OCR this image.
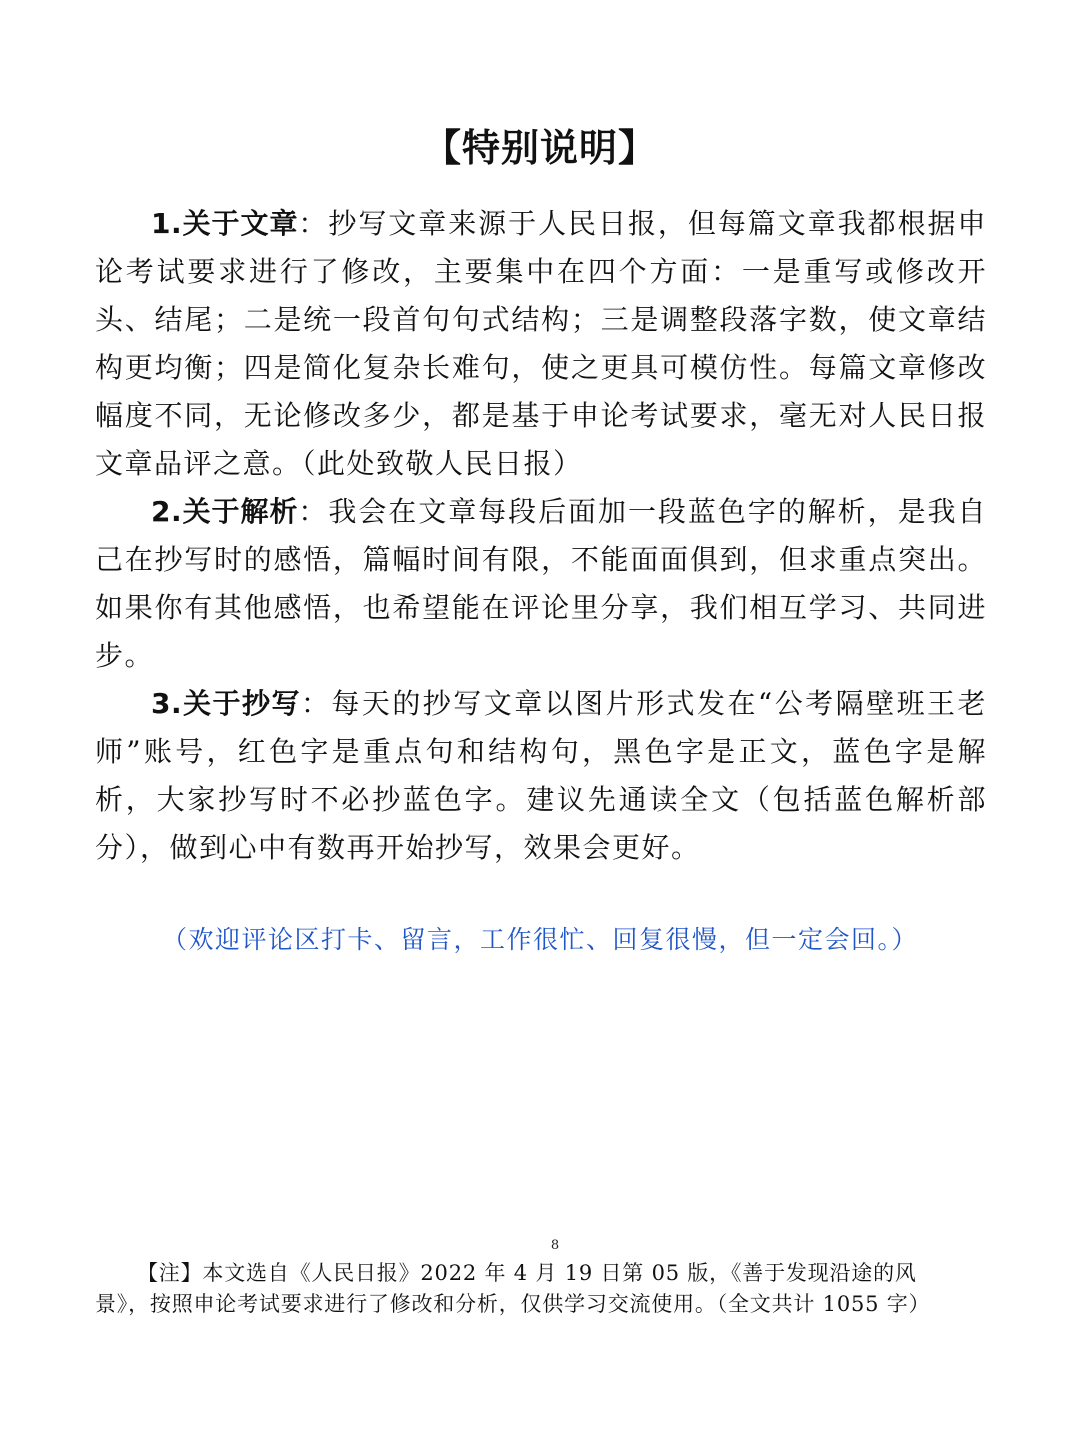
【特别说明】

1.关于文章：抄写文章来源于人民日报，但每篇文章我都根据申论考试要求进行了修改，主要集中在四个方面：一是重写或修改开头、结尾；二是统一段首句句式结构；三是调整段落字数，使文章结构更均衡；四是简化复杂长难句，使之更具可模仿性。每篇文章修改幅度不同，无论修改多少，都是基于申论考试要求，毫无对人民日报文章品评之意。（此处致敬人民日报）

2.关于解析：我会在文章每段后面加一段蓝色字的解析，是我自己在抄写时的感悟，篇幅时间有限，不能面面俱到，但求重点突出。如果你有其他感悟，也希望能在评论里分享，我们相互学习、共同进步。

3.关于抄写：每天的抄写文章以图片形式发在“公考隔壁班王老师”账号，红色字是重点句和结构句，黑色字是正文，蓝色字是解析，大家抄写时不必抄蓝色字。建议先通读全文（包括蓝色解析部分），做到心中有数再开始抄写，效果会更好。

（欢迎评论区打卡、留言，工作很忙、回复很慢，但一定会回。）
8

【注】本文选自《人民日报》2022 年 4 月 19 日第 05 版，《善于发现沿途的风景》，按照申论考试要求进行了修改和分析，仅供学习交流使用。（全文共计 1055 字）
